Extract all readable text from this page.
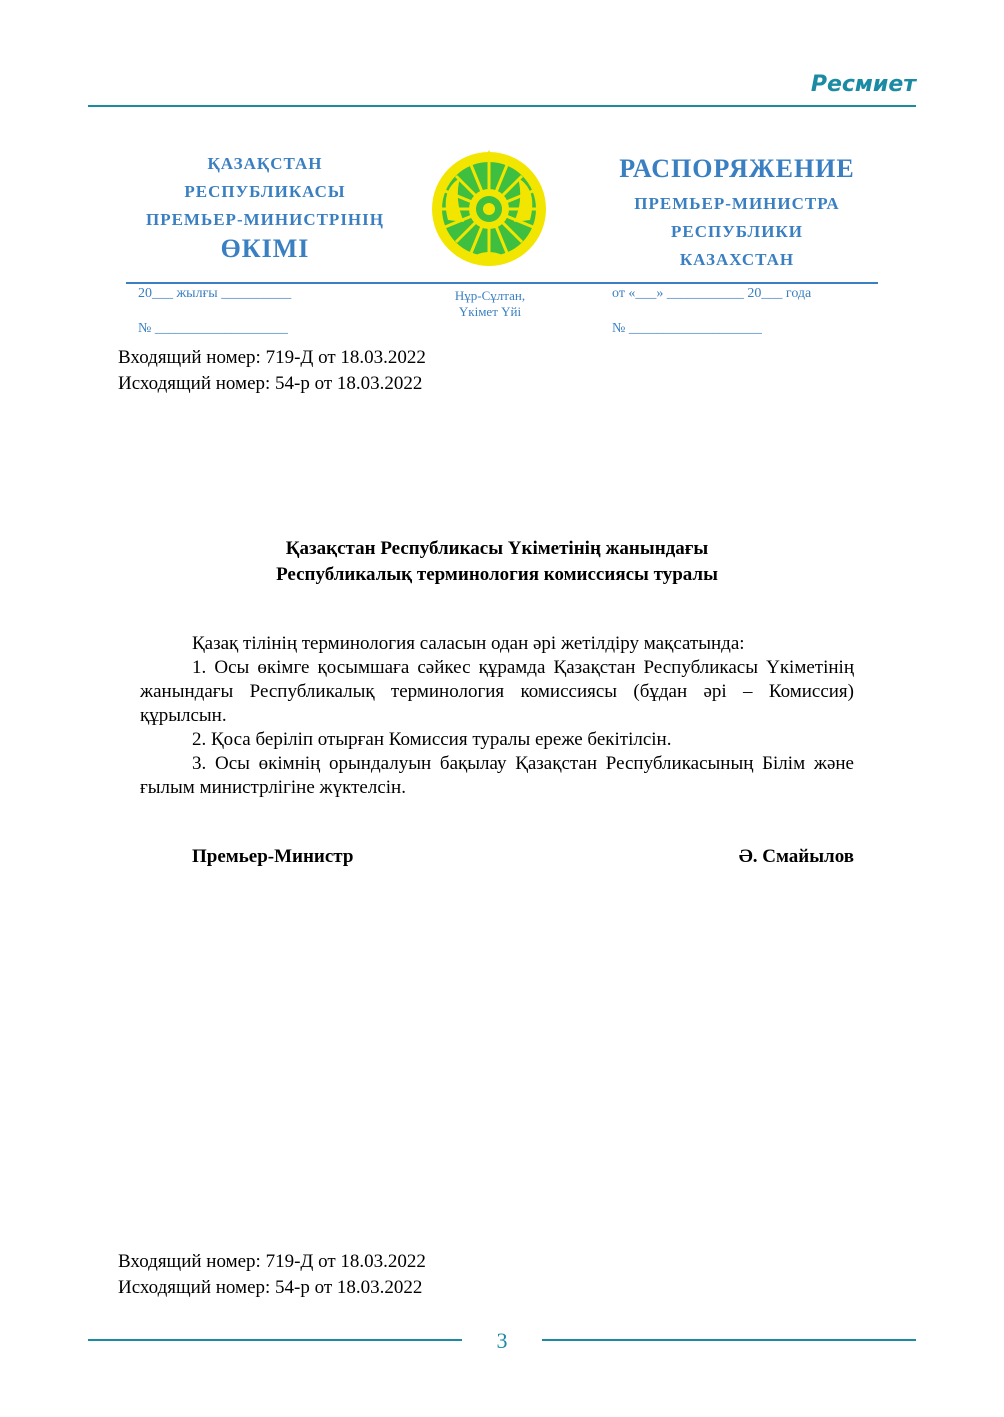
Ресмиет
ҚАЗАҚСТАН
РЕСПУБЛИКАСЫ
ПРЕМЬЕР-МИНИСТРІНІҢ
ӨКІМІ
РАСПОРЯЖЕНИЕ
ПРЕМЬЕР-МИНИСТРА
РЕСПУБЛИКИ
КАЗАХСТАН
20___ жылғы __________
№ ___________________
Нұр-Сұлтан,
Үкімет Үйі
от «___» ___________ 20___ года
№ ___________________
Входящий номер: 719-Д от 18.03.2022
Исходящий номер: 54-р от 18.03.2022
Қазақстан Республикасы Үкіметінің жанындағы
Республикалық терминология комиссиясы туралы

Қазақ тілінің терминология саласын одан әрі жетілдіру мақсатында:

1. Осы өкімге қосымшаға сәйкес құрамда Қазақстан Республикасы Үкіметінің жанындағы Республикалық терминология комиссиясы (бұдан әрі – Комиссия) құрылсын.

2. Қоса беріліп отырған Комиссия туралы ереже бекітілсін.

3. Осы өкімнің орындалуын бақылау Қазақстан Республикасының Білім және ғылым министрлігіне жүктелсін.

Премьер-Министр	Ә. Смайылов
Входящий номер: 719-Д от 18.03.2022
Исходящий номер: 54-р от 18.03.2022
3
